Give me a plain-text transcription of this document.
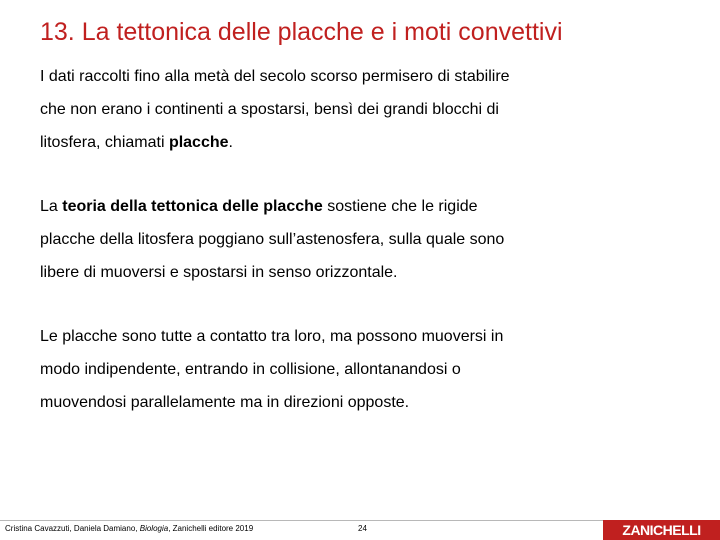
13. La tettonica delle placche e i moti convettivi
I dati raccolti fino alla metà del secolo scorso permisero di stabilire
che non erano i continenti a spostarsi, bensì dei grandi blocchi di
litosfera, chiamati placche.
La teoria della tettonica delle placche sostiene che le rigide
placche della litosfera poggiano sull’astenosfera, sulla quale sono
libere di muoversi e spostarsi in senso orizzontale.
Le placche sono tutte a contatto tra loro, ma possono muoversi in
modo indipendente, entrando in collisione, allontanandosi o
muovendosi parallelamente ma in direzioni opposte.
Cristina Cavazzuti, Daniela Damiano, Biologia, Zanichelli editore 2019	24	ZANICHELLI
